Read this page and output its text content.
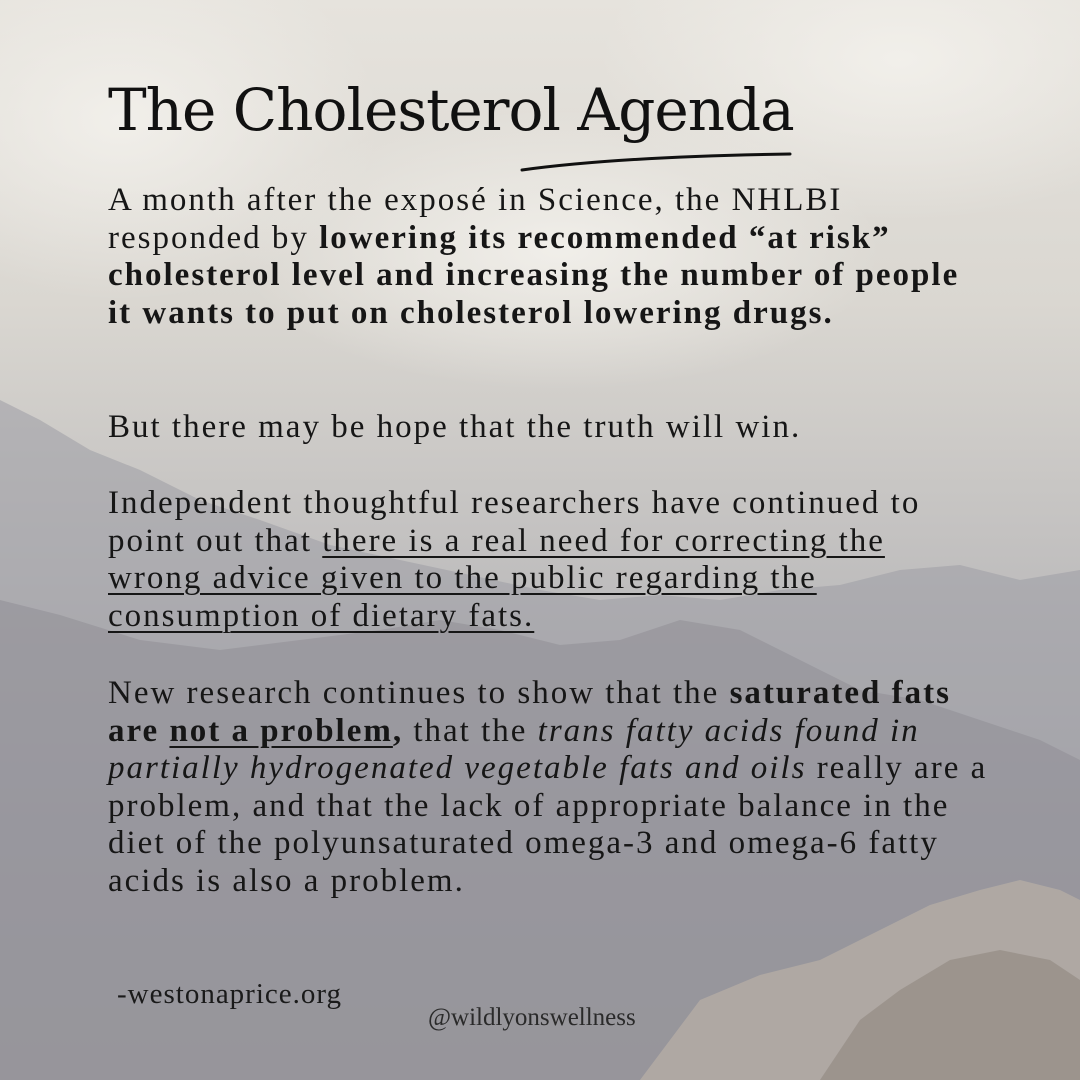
The Cholesterol Agenda

A month after the exposé in Science, the NHLBI responded by lowering its recommended “at risk” cholesterol level and increasing the number of people it wants to put on cholesterol lowering drugs.

But there may be hope that the truth will win.

Independent thoughtful researchers have continued to point out that there is a real need for correcting the wrong advice given to the public regarding the consumption of dietary fats.

New research continues to show that the saturated fats are not a problem, that the trans fatty acids found in partially hydrogenated vegetable fats and oils really are a problem, and that the lack of appropriate balance in the diet of the polyunsaturated omega-3 and omega-6 fatty acids is also a problem.

-westonaprice.org

@wildlyonswellness
